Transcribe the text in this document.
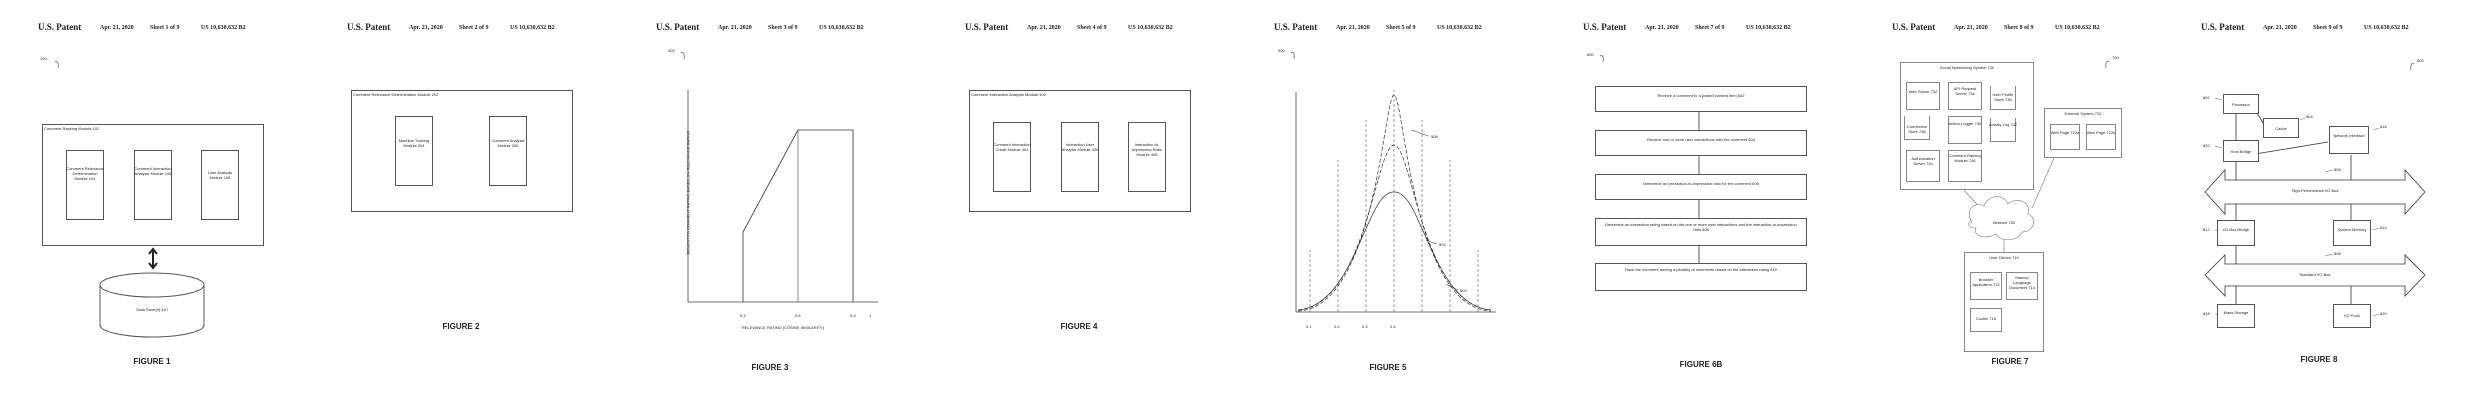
U.S. Patent	Apr. 21, 2020	Sheet 1 of 9	US 10,630,632 B2
100
Comment Ranking Module 102
Comment Relevance Determination Module 104
Comment Interaction Analysis Module 106	User Analysis Module 108
Data Store(s) 110
FIGURE 1
U.S. Patent	Apr. 21, 2020	Sheet 2 of 9	US 10,630,632 B2
Comment Relevance Determination Module 202
Machine Training Module 204
Comment Analysis Module 206
FIGURE 2
U.S. Patent	Apr. 21, 2020	Sheet 3 of 9	US 10,630,632 B2
300
BENEFIT TO COMMENT RATING BASED ON RELEVANCE RATING
0.3	0.6	0.9	1
RELEVANCE RATING (COSINE SIMILARITY)
FIGURE 3
U.S. Patent	Apr. 21, 2020	Sheet 4 of 9	US 10,630,632 B2
Comment Interaction Analysis Module 402
Comment Interaction Credit Module 404
Interaction User Analysis Module 406
Interaction-to-Impression Ratio Module 408
FIGURE 4
U.S. Patent	Apr. 21, 2020	Sheet 5 of 9	US 10,630,632 B2
500
506
504
502
0.1	0.2	0.3	0.4
FIGURE 5
U.S. Patent	Apr. 21, 2020	Sheet 7 of 9	US 10,630,632 B2
600
Receive a comment to a posted content item 602
Receive one or more user interactions with the comment 604
Determine an interaction-to-impression ratio for the comment 606
Determine an interaction rating based on the one or more user interactions and the interaction-to-impression ratio 608
Rank the comment among a plurality of comments based on the interaction rating 610
FIGURE 6B
U.S. Patent	Apr. 21, 2020	Sheet 8 of 9	US 10,630,632 B2
700
Social Networking System 730
Web Server 732
API Request Server 734	User Profile Store 736
Connection Store 738
Action Logger 740 Activity Log 742
Authorization Server 744
Comment Ranking Module 746
External System 720
Web Page 722a Web Page 722b
Network 750
User Device 710
Browser Application 712
Markup Language Document 714
Cookie 716
FIGURE 7
U.S. Patent	Apr. 21, 2020	Sheet 9 of 9	US 10,630,632 B2
800
Processor
Cache
Host Bridge
Network Interface
High Performance I/O Bus
I/O Bus Bridge	System Memory
Standard I/O Bus
Mass Storage
I/O Ports
802
804
810
816
806
812	814
808
818	820
FIGURE 8
